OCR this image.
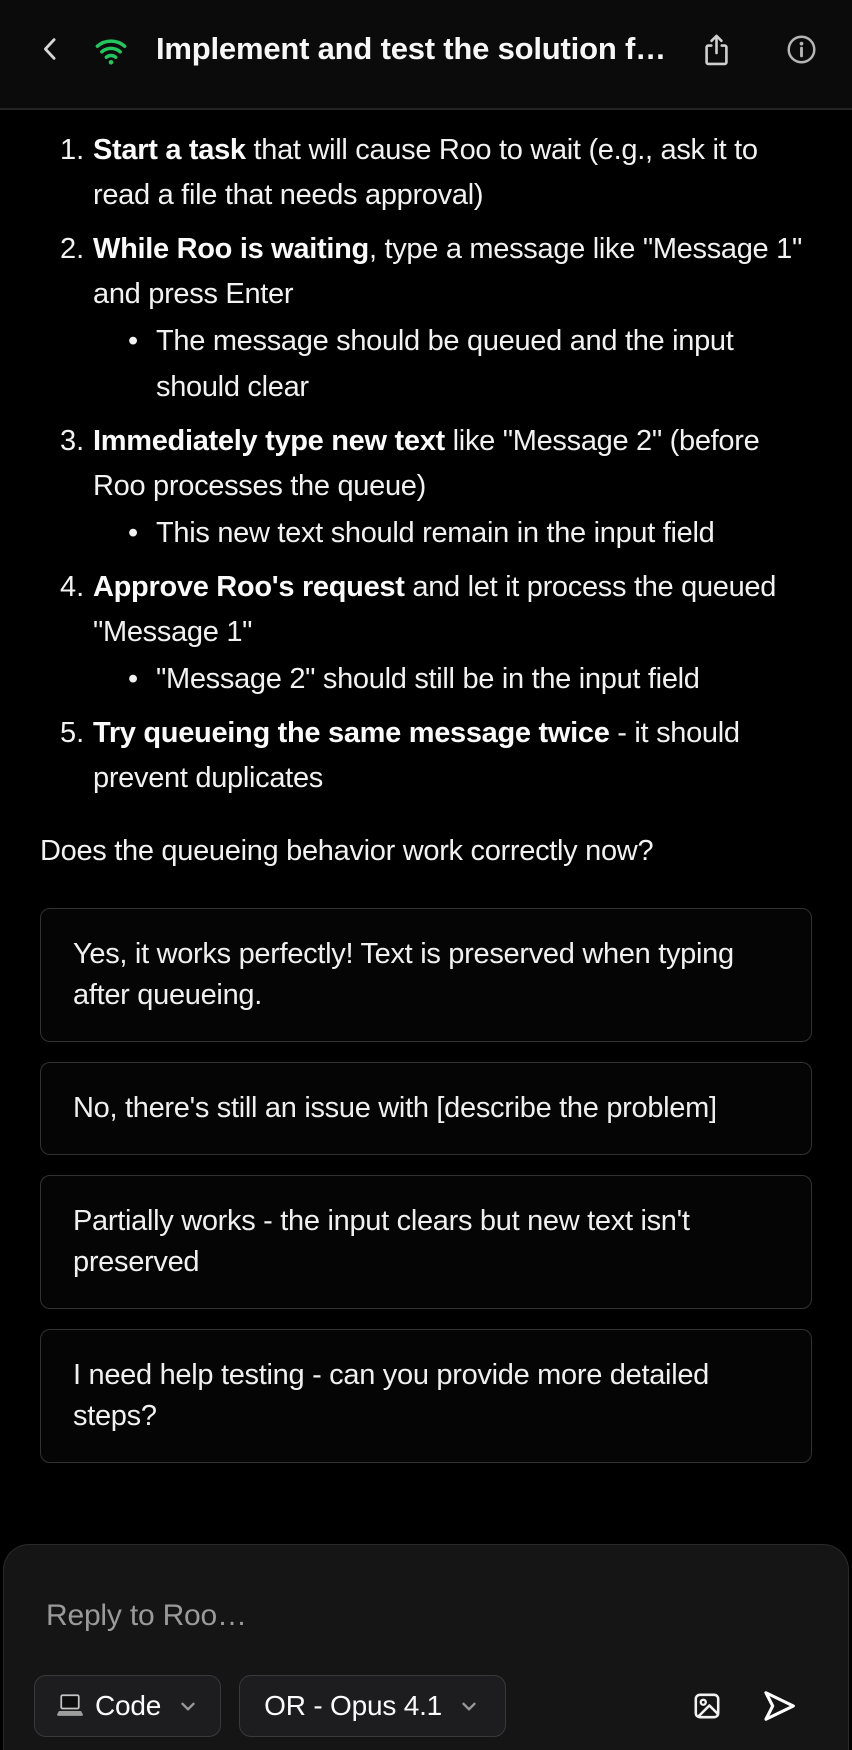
Implement and test the solution f…
1. Start a task that will cause Roo to wait (e.g., ask it to read a file that needs approval)

2. While Roo is waiting, type a message like "Message 1" and press Enter

•
The message should be queued and the input should clear
3. Immediately type new text like "Message 2" (before Roo processes the queue)

•
This new text should remain in the input field
4. Approve Roo's request and let it process the queued "Message 1"

•
"Message 2" should still be in the input field
5. Try queueing the same message twice - it should prevent duplicates

Does the queueing behavior work correctly now?

Yes, it works perfectly! Text is preserved when typing after queueing.
No, there's still an issue with [describe the problem]
Partially works - the input clears but new text isn't preserved
I need help testing - can you provide more detailed steps?
Reply to Roo…
Code	OR - Opus 4.1
